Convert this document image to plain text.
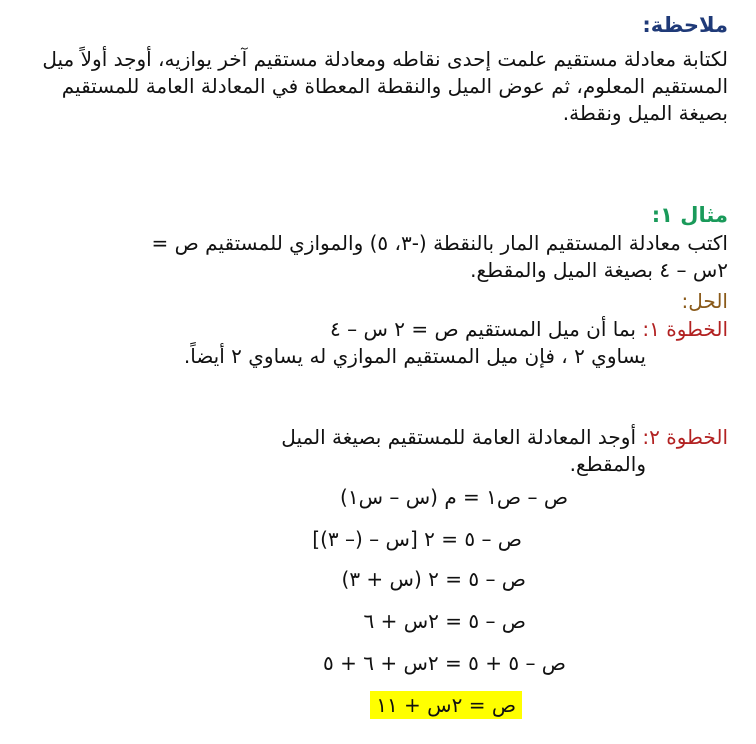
ملاحظة:

لكتابة معادلة مستقيم علمت إحدى نقاطه ومعادلة مستقيم آخر يوازيه، أوجد أولاً ميل المستقيم المعلوم، ثم عوض الميل والنقطة المعطاة في المعادلة العامة للمستقيم بصيغة الميل ونقطة.

مثال ١:

اكتب معادلة المستقيم المار بالنقطة (-٣، ٥) والموازي للمستقيم ص = ٢س – ٤ بصيغة الميل والمقطع.

الحل:

الخطوة ١: بما أن ميل المستقيم ص = ٢ س – ٤

يساوي ٢ ، فإن ميل المستقيم الموازي له يساوي ٢ أيضاً.

الخطوة ٢: أوجد المعادلة العامة للمستقيم بصيغة الميل

والمقطع.

ص – ص١ = م (س – س١)

ص – ٥ = ٢ [س – (– ٣)]

ص – ٥ = ٢ (س + ٣)

ص – ٥ = ٢س + ٦

ص – ٥ + ٥ = ٢س + ٦ + ٥

ص = ٢س + ١١
